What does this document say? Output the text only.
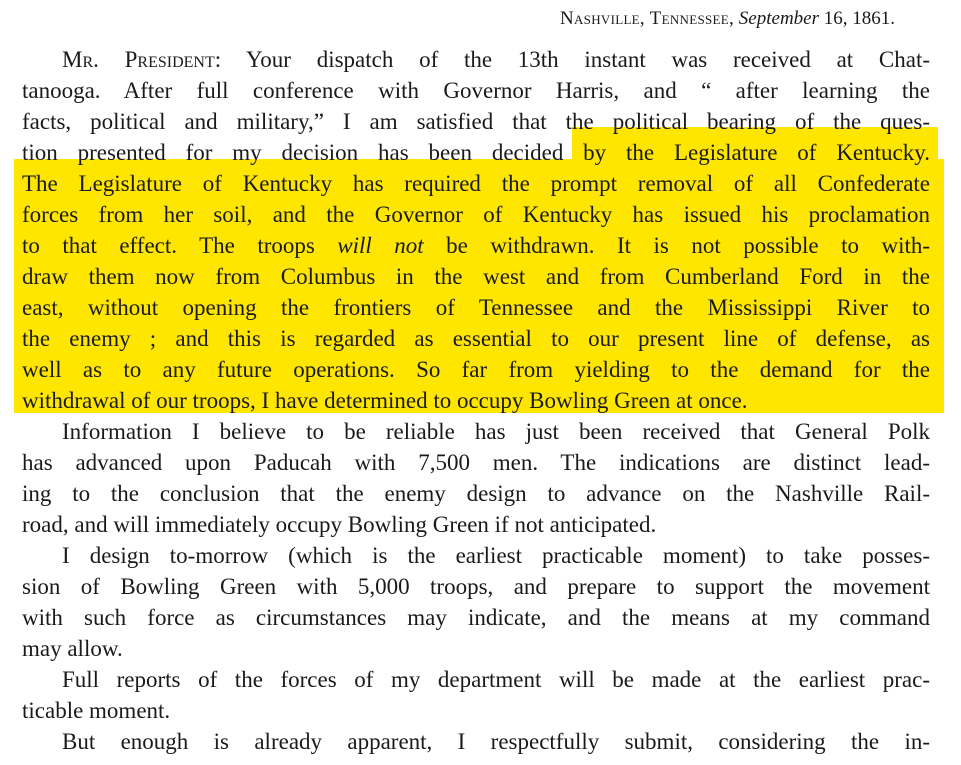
Nashville, Tennessee, September 16, 1861.
Mr. President: Your dispatch of the 13th instant was received at Chat-
tanooga. After full conference with Governor Harris, and “ after learning the
facts, political and military,” I am satisfied that the political bearing of the ques-
tion presented for my decision has been decided by the Legislature of Kentucky.
The Legislature of Kentucky has required the prompt removal of all Confederate
forces from her soil, and the Governor of Kentucky has issued his proclamation
to that effect. The troops will not be withdrawn. It is not possible to with-
draw them now from Columbus in the west and from Cumberland Ford in the
east, without opening the frontiers of Tennessee and the Mississippi River to
the enemy ; and this is regarded as essential to our present line of defense, as
well as to any future operations. So far from yielding to the demand for the
withdrawal of our troops, I have determined to occupy Bowling Green at once.
Information I believe to be reliable has just been received that General Polk
has advanced upon Paducah with 7,500 men. The indications are distinct lead-
ing to the conclusion that the enemy design to advance on the Nashville Rail-
road, and will immediately occupy Bowling Green if not anticipated.
I design to-morrow (which is the earliest practicable moment) to take posses-
sion of Bowling Green with 5,000 troops, and prepare to support the movement
with such force as circumstances may indicate, and the means at my command
may allow.
Full reports of the forces of my department will be made at the earliest prac-
ticable moment.
But enough is already apparent, I respectfully submit, considering the in-
